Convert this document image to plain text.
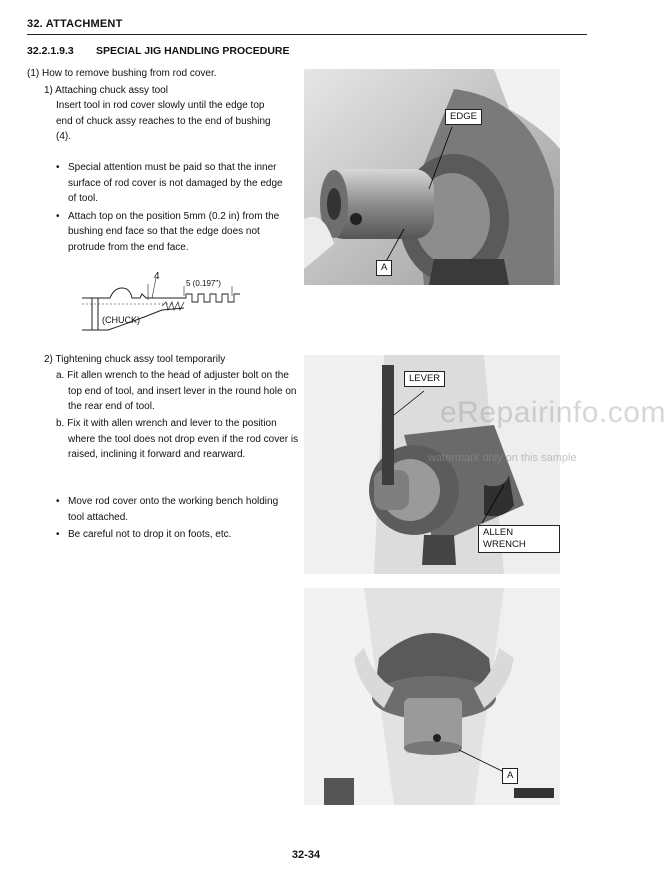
32. ATTACHMENT
32.2.1.9.3 SPECIAL JIG HANDLING PROCEDURE
(1) How to remove bushing from rod cover.
1) Attaching chuck assy tool
Insert tool in rod cover slowly until the edge top end of chuck assy reaches to the end of bushing (4).
• Special attention must be paid so that the inner surface of rod cover is not damaged by the edge of tool.
• Attach top on the position 5mm (0.2 in) from the bushing end face so that the edge does not protrude from the end face.
4
5 (0.197")
(CHUCK)
2) Tightening chuck assy tool temporarily
a. Fit allen wrench to the head of adjuster bolt on the top end of tool, and insert lever in the round hole on the rear end of tool.
b. Fix it with allen wrench and lever to the position where the tool does not drop even if the rod cover is raised, inclining it forward and rearward.
• Move rod cover onto the working bench holding tool attached.
• Be careful not to drop it on foots, etc.
EDGE
A
LEVER
ALLEN WRENCH
eRepairinfo.com
watermark only on this sample
A
32-34
